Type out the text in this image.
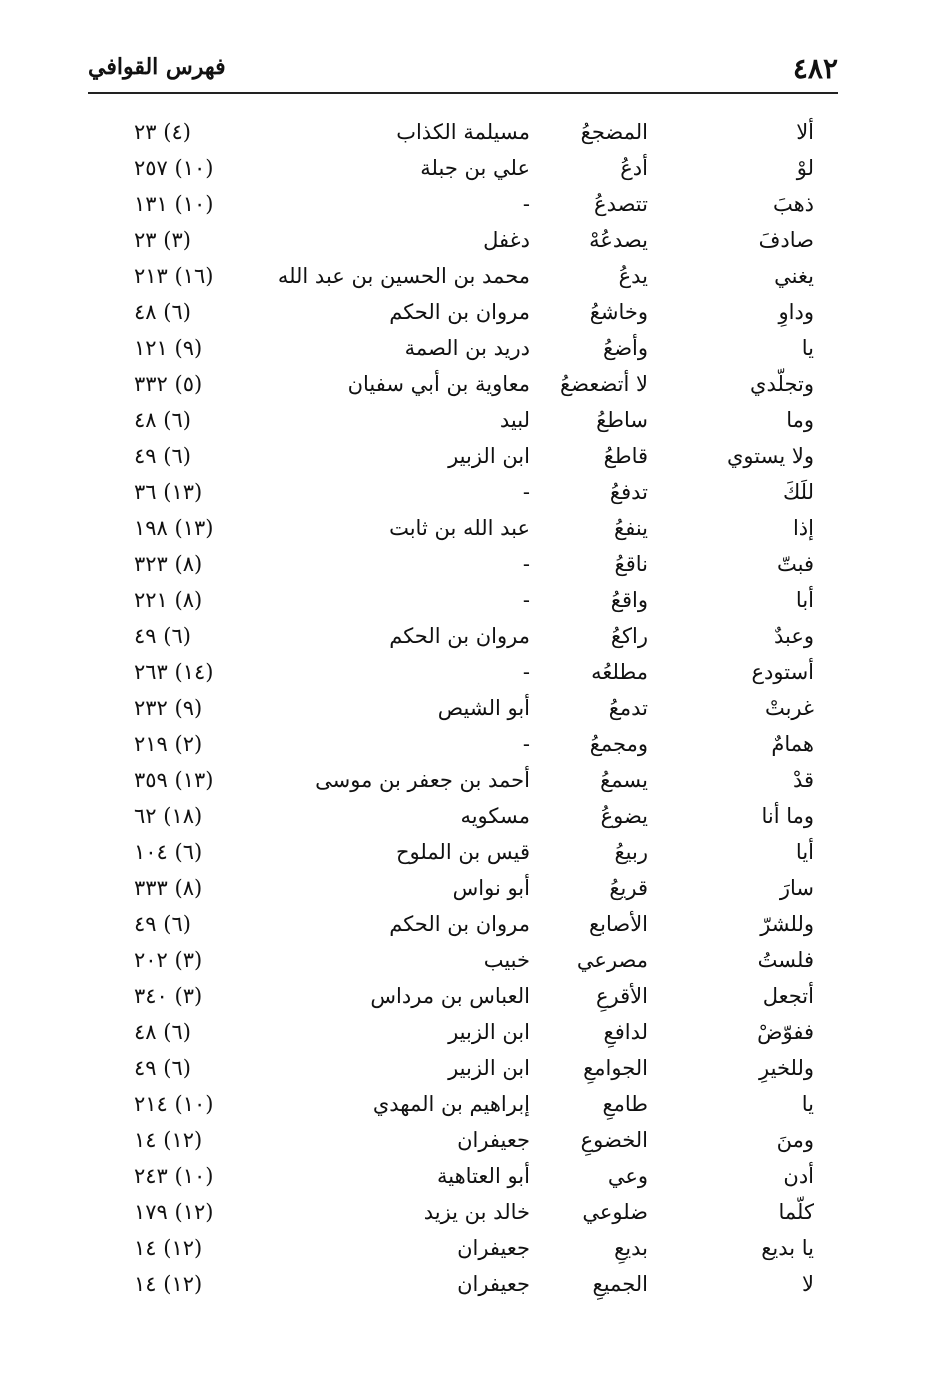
٤٨٢
فهرس القوافي
ألا
المضجعُ
مسيلمة الكذاب
(٤) ٢٣
لوْ
أدعُ
علي بن جبلة
(١٠) ٢٥٧
ذهبَ
تتصدعُ
-
(١٠) ١٣١
صادفَ
يصدعُهْ
دغفل
(٣) ٢٣
يغني
يدعُ
محمد بن الحسين بن عبد الله
(١٦) ٢١٣
وداوِ
وخاشعُ
مروان بن الحكم
(٦) ٤٨
يا
وأضعُ
دريد بن الصمة
(٩) ١٢١
وتجلّدي
لا أتضعضعُ
معاوية بن أبي سفيان
(٥) ٣٣٢
وما
ساطعُ
لبيد
(٦) ٤٨
ولا يستوي
قاطعُ
ابن الزبير
(٦) ٤٩
للَكَ
تدفعُ
-
(١٣) ٣٦
إذا
ينفعُ
عبد الله بن ثابت
(١٣) ١٩٨
فبتّ
ناقعُ
-
(٨) ٣٢٣
أبا
واقعُ
-
(٨) ٢٢١
وعبدٌ
راكعُ
مروان بن الحكم
(٦) ٤٩
أستودع
مطلعُه
-
(١٤) ٢٦٣
غربتْ
تدمعُ
أبو الشيص
(٩) ٢٣٢
همامٌ
ومجمعُ
-
(٢) ٢١٩
قدْ
يسمعُ
أحمد بن جعفر بن موسى
(١٣) ٣٥٩
وما أنا
يضوعُ
مسكويه
(١٨) ٦٢
أيا
ربيعُ
قيس بن الملوح
(٦) ١٠٤
سارَ
قريعُ
أبو نواس
(٨) ٣٣٣
وللشرّ
الأصابع
مروان بن الحكم
(٦) ٤٩
فلستُ
مصرعي
خبيب
(٣) ٢٠٢
أتجعل
الأقرعِ
العباس بن مرداس
(٣) ٣٤٠
ففوّضْ
لدافعِ
ابن الزبير
(٦) ٤٨
وللخيرِ
الجوامعِ
ابن الزبير
(٦) ٤٩
يا
طامعِ
إبراهيم بن المهدي
(١٠) ٢١٤
ومنَ
الخضوعِ
جعيفران
(١٢) ١٤
أدن
وعي
أبو العتاهية
(١٠) ٢٤٣
كلّما
ضلوعي
خالد بن يزيد
(١٢) ١٧٩
يا بديع
بديعِ
جعيفران
(١٢) ١٤
لا
الجميعِ
جعيفران
(١٢) ١٤
